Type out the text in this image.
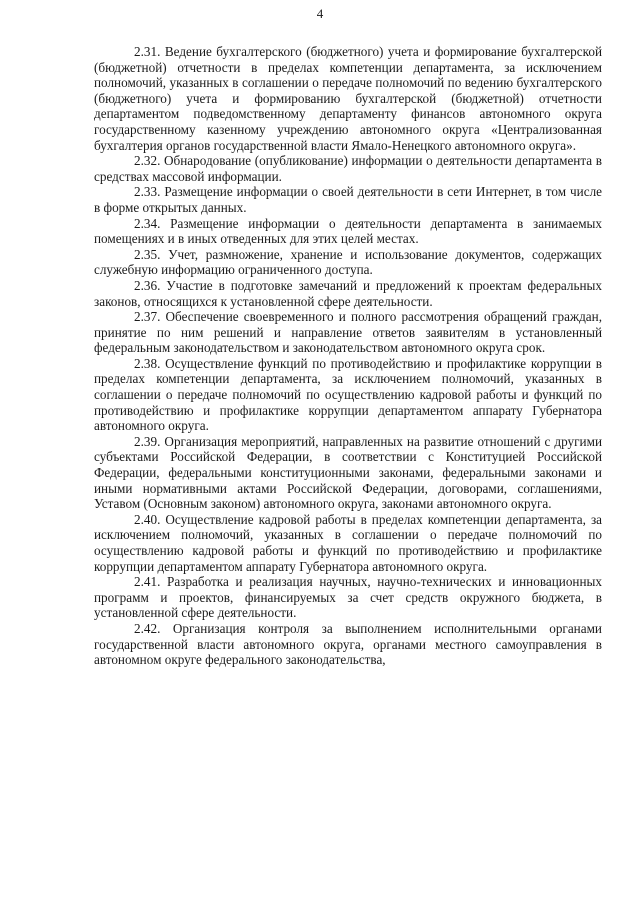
4

2.31. Ведение бухгалтерского (бюджетного) учета и формирование бухгалтерской (бюджетной) отчетности в пределах компетенции департамента, за исключением полномочий, указанных в соглашении о передаче полномочий по ведению бухгалтерского (бюджетного) учета и формированию бухгалтерской (бюджетной) отчетности департаментом подведомственному департаменту финансов автономного округа государственному казенному учреждению автономного округа «Централизованная бухгалтерия органов государственной власти Ямало-Ненецкого автономного округа».

2.32. Обнародование (опубликование) информации о деятельности департамента в средствах массовой информации.

2.33. Размещение информации о своей деятельности в сети Интернет, в том числе в форме открытых данных.

2.34. Размещение информации о деятельности департамента в занимаемых помещениях и в иных отведенных для этих целей местах.

2.35. Учет, размножение, хранение и использование документов, содержащих служебную информацию ограниченного доступа.

2.36. Участие в подготовке замечаний и предложений к проектам федеральных законов, относящихся к установленной сфере деятельности.

2.37. Обеспечение своевременного и полного рассмотрения обращений граждан, принятие по ним решений и направление ответов заявителям в установленный федеральным законодательством и законодательством автономного округа срок.

2.38. Осуществление функций по противодействию и профилактике коррупции в пределах компетенции департамента, за исключением полномочий, указанных в соглашении о передаче полномочий по осуществлению кадровой работы и функций по противодействию и профилактике коррупции департаментом аппарату Губернатора автономного округа.

2.39. Организация мероприятий, направленных на развитие отношений с другими субъектами Российской Федерации, в соответствии с Конституцией Российской Федерации, федеральными конституционными законами, федеральными законами и иными нормативными актами Российской Федерации, договорами, соглашениями, Уставом (Основным законом) автономного округа, законами автономного округа.

2.40. Осуществление кадровой работы в пределах компетенции департамента, за исключением полномочий, указанных в соглашении о передаче полномочий по осуществлению кадровой работы и функций по противодействию и профилактике коррупции департаментом аппарату Губернатора автономного округа.

2.41. Разработка и реализация научных, научно-технических и инновационных программ и проектов, финансируемых за счет средств окружного бюджета, в установленной сфере деятельности.

2.42. Организация контроля за выполнением исполнительными органами государственной власти автономного округа, органами местного самоуправления в автономном округе федерального законодательства,
